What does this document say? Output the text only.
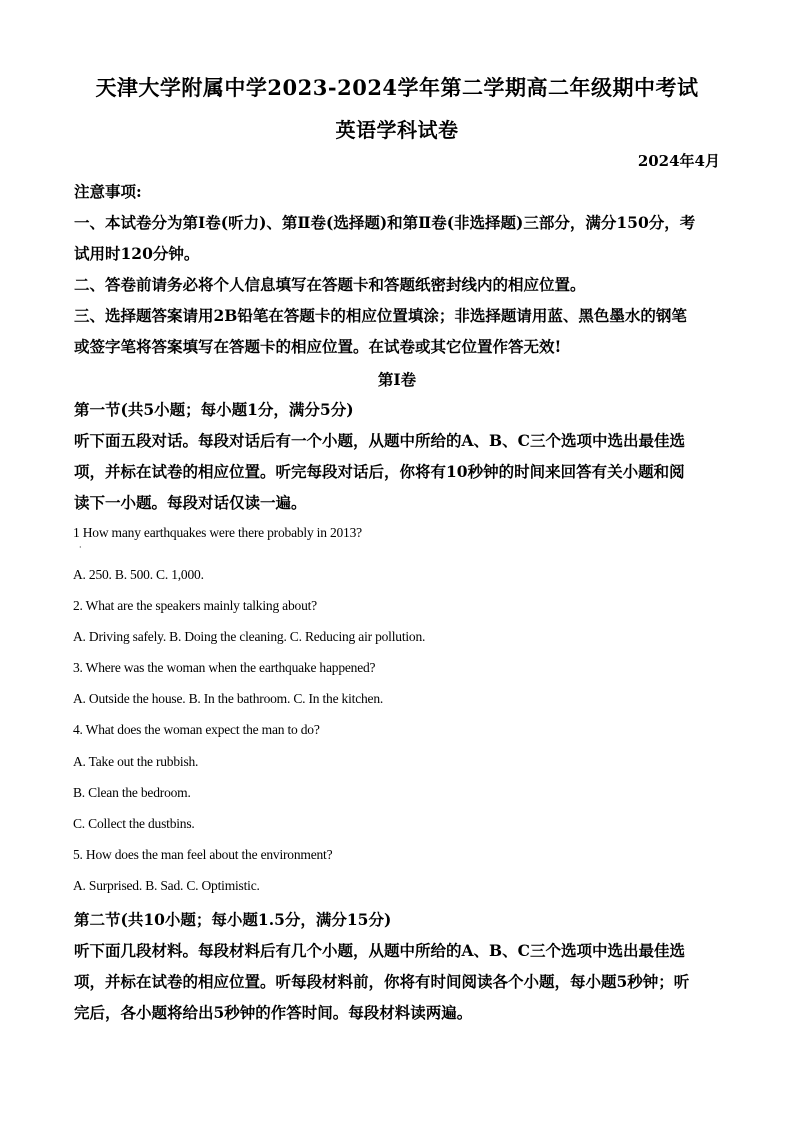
天津大学附属中学2023-2024学年第二学期高二年级期中考试
英语学科试卷
2024年4月
注意事项:
一、本试卷分为第Ⅰ卷(听力)、第Ⅱ卷(选择题)和第Ⅱ卷(非选择题)三部分，满分150分，考
试用时120分钟。
二、答卷前请务必将个人信息填写在答题卡和答题纸密封线内的相应位置。
三、选择题答案请用2B铅笔在答题卡的相应位置填涂；非选择题请用蓝、黑色墨水的钢笔
或签字笔将答案填写在答题卡的相应位置。在试卷或其它位置作答无效!
第Ⅰ卷
第一节(共5小题；每小题1分，满分5分)
听下面五段对话。每段对话后有一个小题，从题中所给的A、B、C三个选项中选出最佳选
项，并标在试卷的相应位置。听完每段对话后，你将有10秒钟的时间来回答有关小题和阅
读下一小题。每段对话仅读一遍。
1 How many earthquakes were there probably in 2013?
·
A. 250. B. 500. C. 1,000.
2. What are the speakers mainly talking about?
A. Driving safely. B. Doing the cleaning. C. Reducing air pollution.
3. Where was the woman when the earthquake happened?
A. Outside the house. B. In the bathroom. C. In the kitchen.
4. What does the woman expect the man to do?
A. Take out the rubbish.
B. Clean the bedroom.
C. Collect the dustbins.
5. How does the man feel about the environment?
A. Surprised. B. Sad. C. Optimistic.
第二节(共10小题；每小题1.5分，满分15分)
听下面几段材料。每段材料后有几个小题，从题中所给的A、B、C三个选项中选出最佳选
项，并标在试卷的相应位置。听每段材料前，你将有时间阅读各个小题，每小题5秒钟；听
完后，各小题将给出5秒钟的作答时间。每段材料读两遍。
